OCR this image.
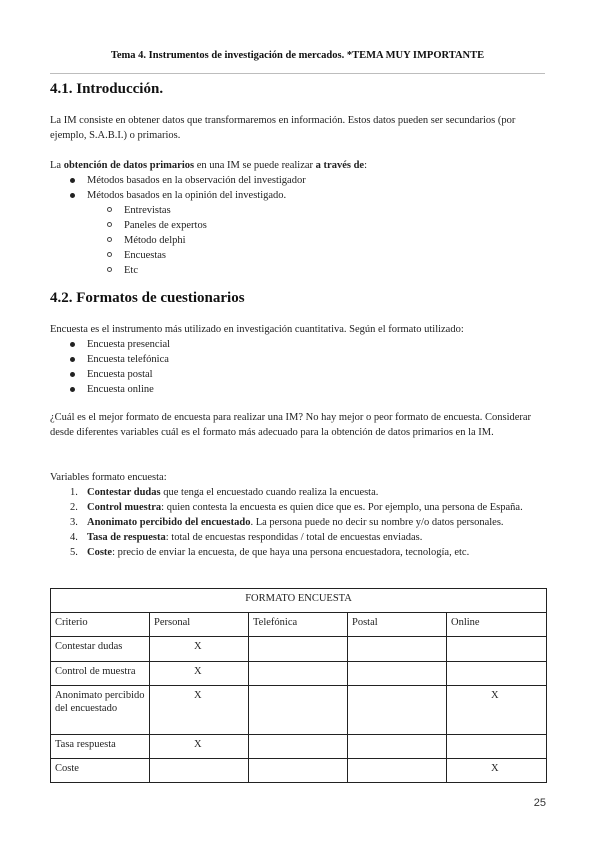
Tema 4. Instrumentos de investigación de mercados. *TEMA MUY IMPORTANTE
4.1. Introducción.

La IM consiste en obtener datos que transformaremos en información. Estos datos pueden ser secundarios (por ejemplo, S.A.B.I.) o primarios.

La obtención de datos primarios en una IM se puede realizar a través de:

Métodos basados en la observación del investigador
Métodos basados en la opinión del investigado.
Entrevistas
Paneles de expertos
Método delphi
Encuestas
Etc
4.2. Formatos de cuestionarios

Encuesta es el instrumento más utilizado en investigación cuantitativa. Según el formato utilizado:

Encuesta presencial
Encuesta telefónica
Encuesta postal
Encuesta online

¿Cuál es el mejor formato de encuesta para realizar una IM? No hay mejor o peor formato de encuesta. Considerar desde diferentes variables cuál es el formato más adecuado para la obtención de datos primarios en la IM.

Variables formato encuesta:

1. Contestar dudas que tenga el encuestado cuando realiza la encuesta.
2. Control muestra: quien contesta la encuesta es quien dice que es. Por ejemplo, una persona de España.
3. Anonimato percibido del encuestado. La persona puede no decir su nombre y/o datos personales.
4. Tasa de respuesta: total de encuestas respondidas / total de encuestas enviadas.
5. Coste: precio de enviar la encuesta, de que haya una persona encuestadora, tecnología, etc.
FORMATO ENCUESTA				
Criterio	Personal	Telefónica	Postal	Online
Contestar dudas	X			
Control de muestra	X			
Anonimato percibido del encuestado	X			X
Tasa respuesta	X			
Coste				X
25
